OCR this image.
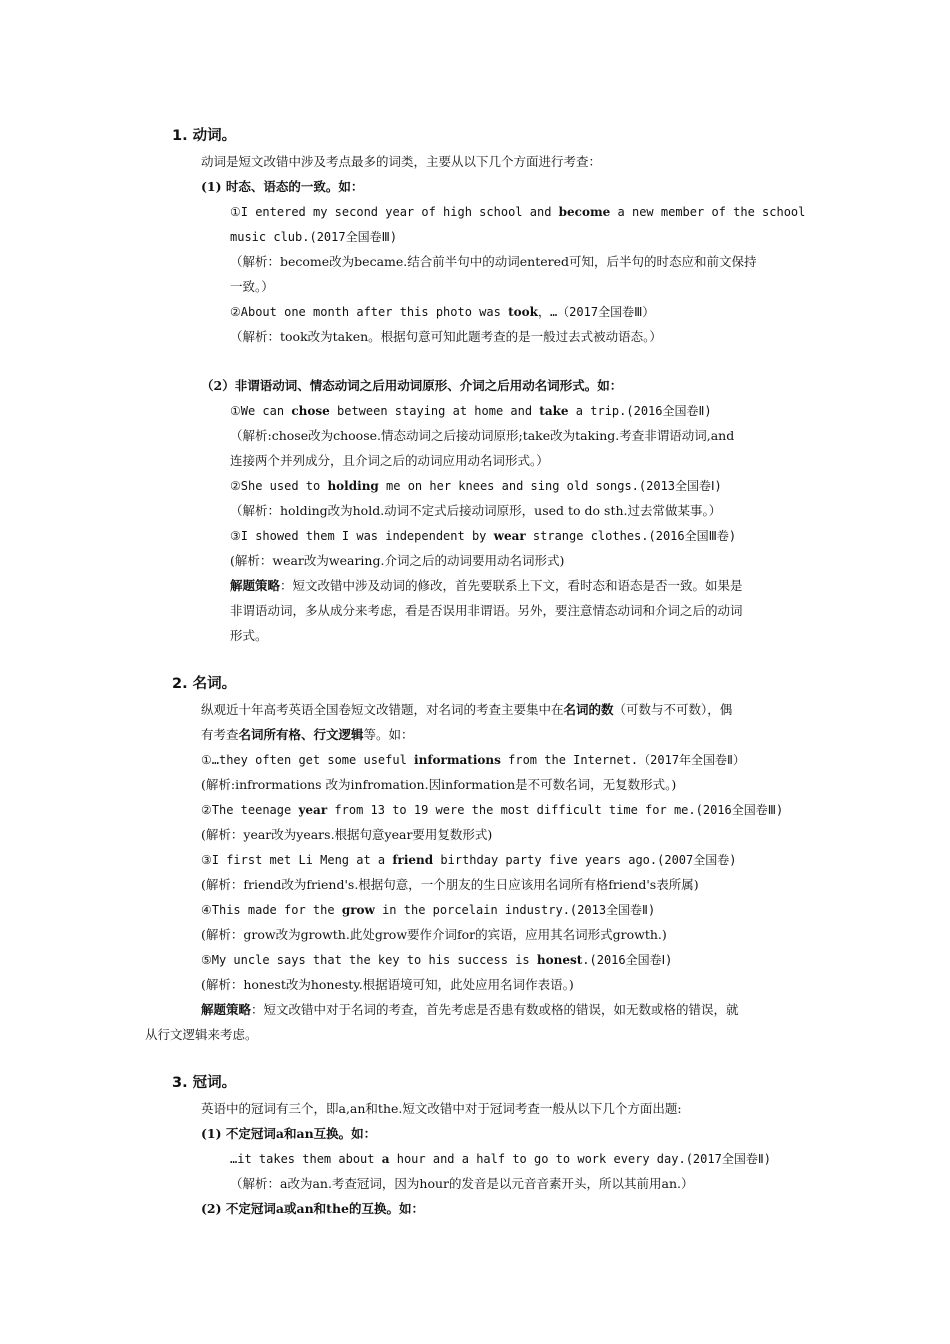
1. 动词。
动词是短文改错中涉及考点最多的词类，主要从以下几个方面进行考查：
(1) 时态、语态的一致。如：
①I entered my second year of high school and become a new member of the school
music club.(2017全国卷Ⅲ)
（解析：become改为became.结合前半句中的动词entered可知，后半句的时态应和前文保持
一致。）
②About one month after this photo was took，…（2017全国卷Ⅲ）
（解析：took改为taken。根据句意可知此题考查的是一般过去式被动语态。）
（2）非谓语动词、情态动词之后用动词原形、介词之后用动名词形式。如：
①We can chose between staying at home and take a trip.(2016全国卷Ⅱ)
（解析:chose改为choose.情态动词之后接动词原形;take改为taking.考查非谓语动词,and
连接两个并列成分，且介词之后的动词应用动名词形式。）
②She used to holding me on her knees and sing old songs.(2013全国卷Ⅰ)
（解析：holding改为hold.动词不定式后接动词原形，used to do sth.过去常做某事。）
③I showed them I was independent by wear strange clothes.(2016全国Ⅲ卷)
(解析：wear改为wearing.介词之后的动词要用动名词形式)
解题策略：短文改错中涉及动词的修改，首先要联系上下文，看时态和语态是否一致。如果是
非谓语动词，多从成分来考虑，看是否误用非谓语。另外，要注意情态动词和介词之后的动词
形式。
2. 名词。
纵观近十年高考英语全国卷短文改错题，对名词的考查主要集中在名词的数（可数与不可数），偶
有考查名词所有格、行文逻辑等。如：
①…they often get some useful informations from the Internet.（2017年全国卷Ⅱ）
(解析:infrormations 改为infromation.因information是不可数名词，无复数形式。)
②The teenage year from 13 to 19 were the most difficult time for me.(2016全国卷Ⅲ)
(解析：year改为years.根据句意year要用复数形式)
③I first met Li Meng at a friend birthday party five years ago.(2007全国卷)
(解析：friend改为friend's.根据句意，一个朋友的生日应该用名词所有格friend's表所属)
④This made for the grow in the porcelain industry.(2013全国卷Ⅱ)
(解析：grow改为growth.此处grow要作介词for的宾语，应用其名词形式growth.)
⑤My uncle says that the key to his success is honest.(2016全国卷Ⅰ)
(解析：honest改为honesty.根据语境可知，此处应用名词作表语。)
解题策略：短文改错中对于名词的考查，首先考虑是否患有数或格的错误，如无数或格的错误，就
从行文逻辑来考虑。
3. 冠词。
英语中的冠词有三个，即a,an和the.短文改错中对于冠词考查一般从以下几个方面出题:
(1) 不定冠词a和an互换。如：
…it takes them about a hour and a half to go to work every day.(2017全国卷Ⅱ)
（解析：a改为an.考查冠词，因为hour的发音是以元音音素开头，所以其前用an.）
(2) 不定冠词a或an和the的互换。如：
